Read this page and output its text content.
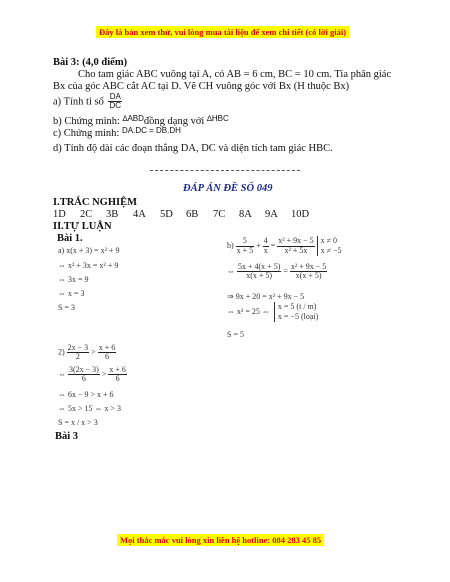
Đây là bản xem thử, vui lòng mua tài liệu để xem chi tiết (có lời giải)
Bài 3: (4,0 điểm)
Cho tam giác ABC vuông tại A, có AB = 6 cm, BC = 10 cm. Tia phân giác
Bx của góc ABC cắt AC tại D. Vẽ CH vuông góc với Bx (H thuộc Bx)
a) Tính tỉ số $\frac{DA}{DC}$
b) Chứng minh: $^{\Delta ABD}$đồng dạng với $^{\Delta HBC}$
c) Chứng minh: $^{DA.DC = DB.DH}$
d) Tính độ dài các đoạn thẳng DA, DC và diện tích tam giác HBC.
ĐÁP ÁN ĐỀ SỐ 049
I.TRẮC NGHIỆM
1D 2C 3B 4A 5D 6B 7C 8A 9A 10D
II.TỰ LUẬN
Bài 1.
a) x(x + 3) = x² + 9
⇔ x² + 3x = x² + 9
⇔ 3x = 9
⇔ x = 3
S = 3
$b) \frac{5}{x + 5} + \frac{4}{x} = \frac{\text{x² + 9x − 5}}{\text{x² + 5x}}$
x ≠ 0
x ≠ −5
⇔ $\frac{5x + 4(x + 5)}{x(x + 5)} = \frac{\text{x² + 9x − 5}}{x(x + 5)}$
⇒ 9x + 20 = x² + 9x − 5
⇔ x² = 25 ⇔
x = 5 (t / m)
x = −5 (loại)
S = 5
$2) \frac{2x - 3}{2} > \frac{x + 6}{6}$
⇔ $\frac{3(2x - 3)}{6} > \frac{x + 6}{6}$
⇔ 6x − 9 > x + 6
⇔ 5x > 15 ⇔ x > 3
S = x / x > 3
Bài 3
Mọi thắc mắc vui lòng xin liên hệ hotline: 084 283 45 85
